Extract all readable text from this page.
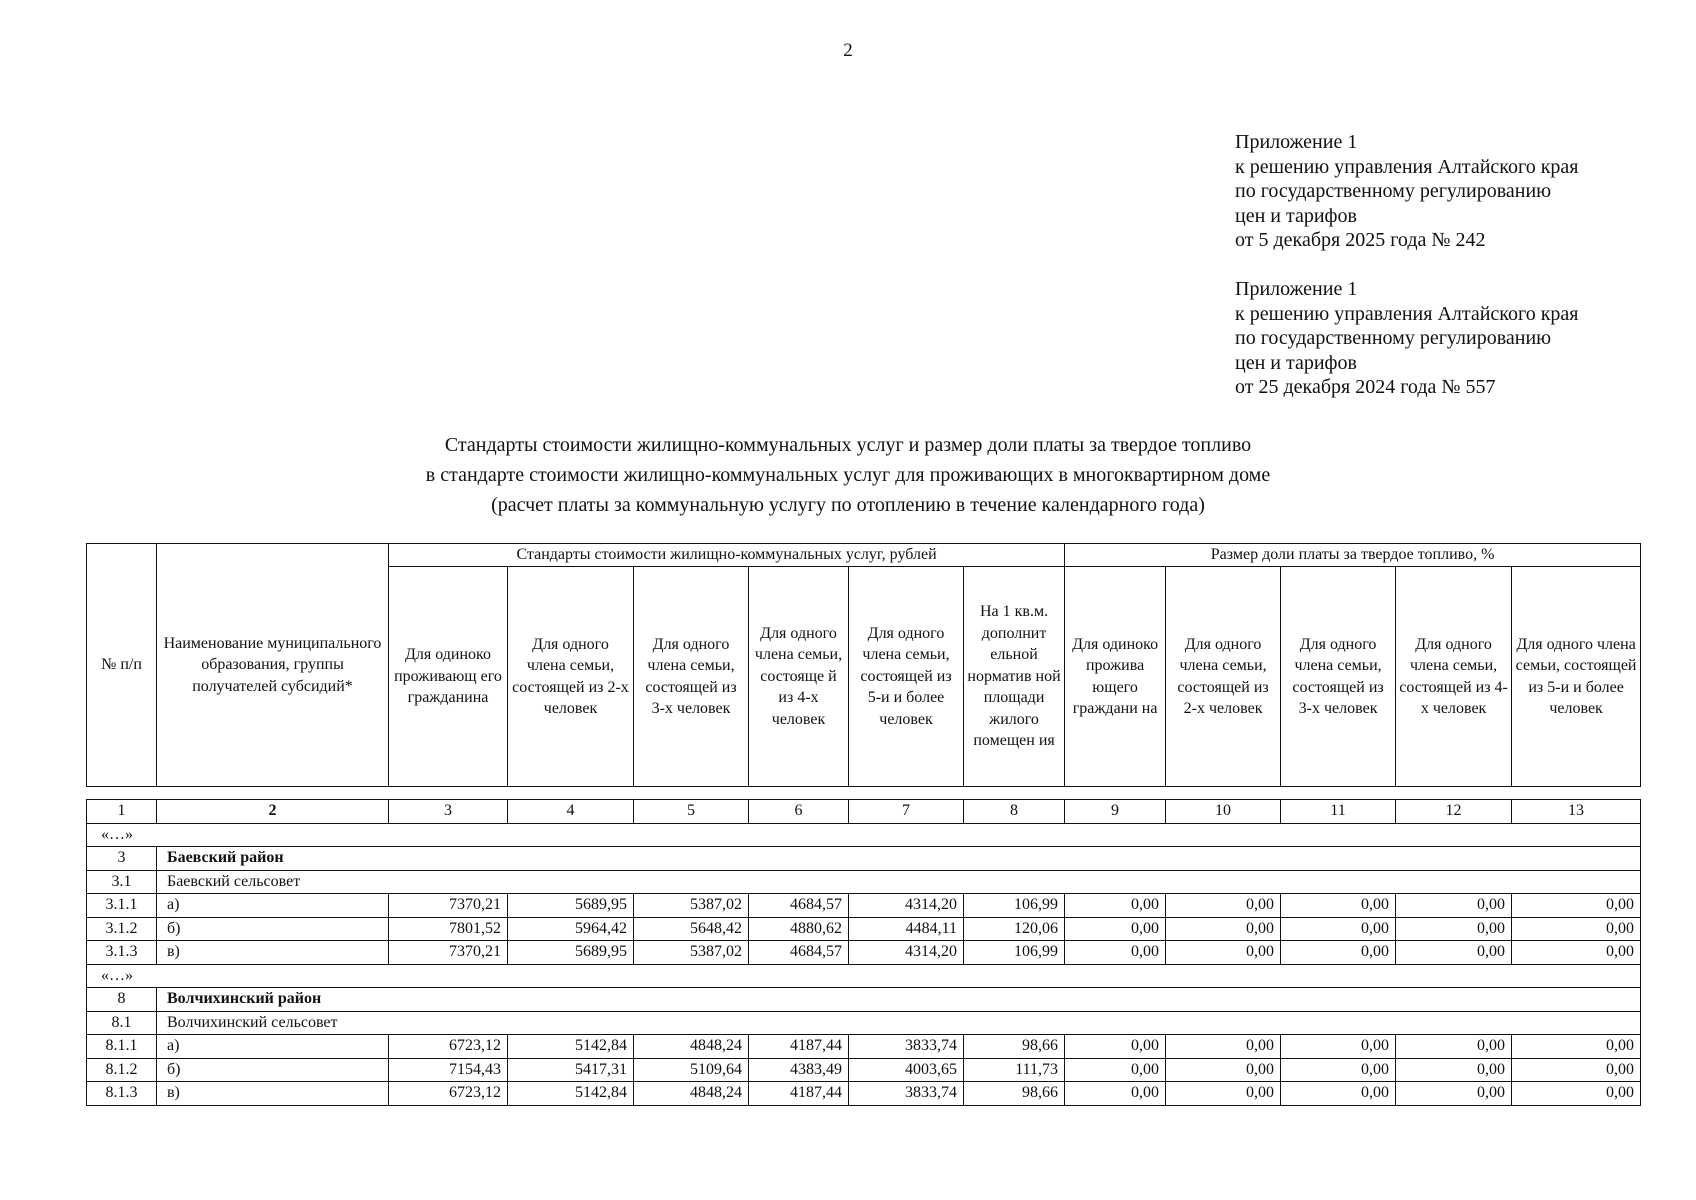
2
Приложение 1
к решению управления Алтайского края
по государственному регулированию
цен и тарифов
от 5 декабря 2025 года № 242
Приложение 1
к решению управления Алтайского края
по государственному регулированию
цен и тарифов
от 25 декабря 2024 года № 557
Стандарты стоимости жилищно-коммунальных услуг и размер доли платы за твердое топливо
в стандарте стоимости жилищно-коммунальных услуг для проживающих в многоквартирном доме
(расчет платы за коммунальную услугу по отоплению в течение календарного года)
№ п/п	Наименование муниципального образования, группы получателей субсидий*	Стандарты стоимости жилищно-коммунальных услуг, рублей						Размер доли платы за твердое топливо, %				
		Для одиноко проживающ его гражданина	Для одного члена семьи, состоящей из 2-х человек	Для одного члена семьи, состоящей из 3-х человек	Для одного члена семьи, состояще й из 4-х человек	Для одного члена семьи, состоящей из 5-и и более человек	На 1 кв.м. дополнит ельной норматив ной площади жилого помещен ия	Для одиноко прожива ющего граждани на	Для одного члена семьи, состоящей из 2-х человек	Для одного члена семьи, состоящей из 3-х человек	Для одного члена семьи, состоящей из 4-х человек	Для одного члена семьи, состоящей из 5-и и более человек
1	2	3	4	5	6	7	8	9	10	11	12	13
«…»												
3	Баевский район											
3.1	Баевский сельсовет											
3.1.1	а)	7370,21	5689,95	5387,02	4684,57	4314,20	106,99	0,00	0,00	0,00	0,00	0,00
3.1.2	б)	7801,52	5964,42	5648,42	4880,62	4484,11	120,06	0,00	0,00	0,00	0,00	0,00
3.1.3	в)	7370,21	5689,95	5387,02	4684,57	4314,20	106,99	0,00	0,00	0,00	0,00	0,00
«…»												
8	Волчихинский район											
8.1	Волчихинский сельсовет											
8.1.1	а)	6723,12	5142,84	4848,24	4187,44	3833,74	98,66	0,00	0,00	0,00	0,00	0,00
8.1.2	б)	7154,43	5417,31	5109,64	4383,49	4003,65	111,73	0,00	0,00	0,00	0,00	0,00
8.1.3	в)	6723,12	5142,84	4848,24	4187,44	3833,74	98,66	0,00	0,00	0,00	0,00	0,00
